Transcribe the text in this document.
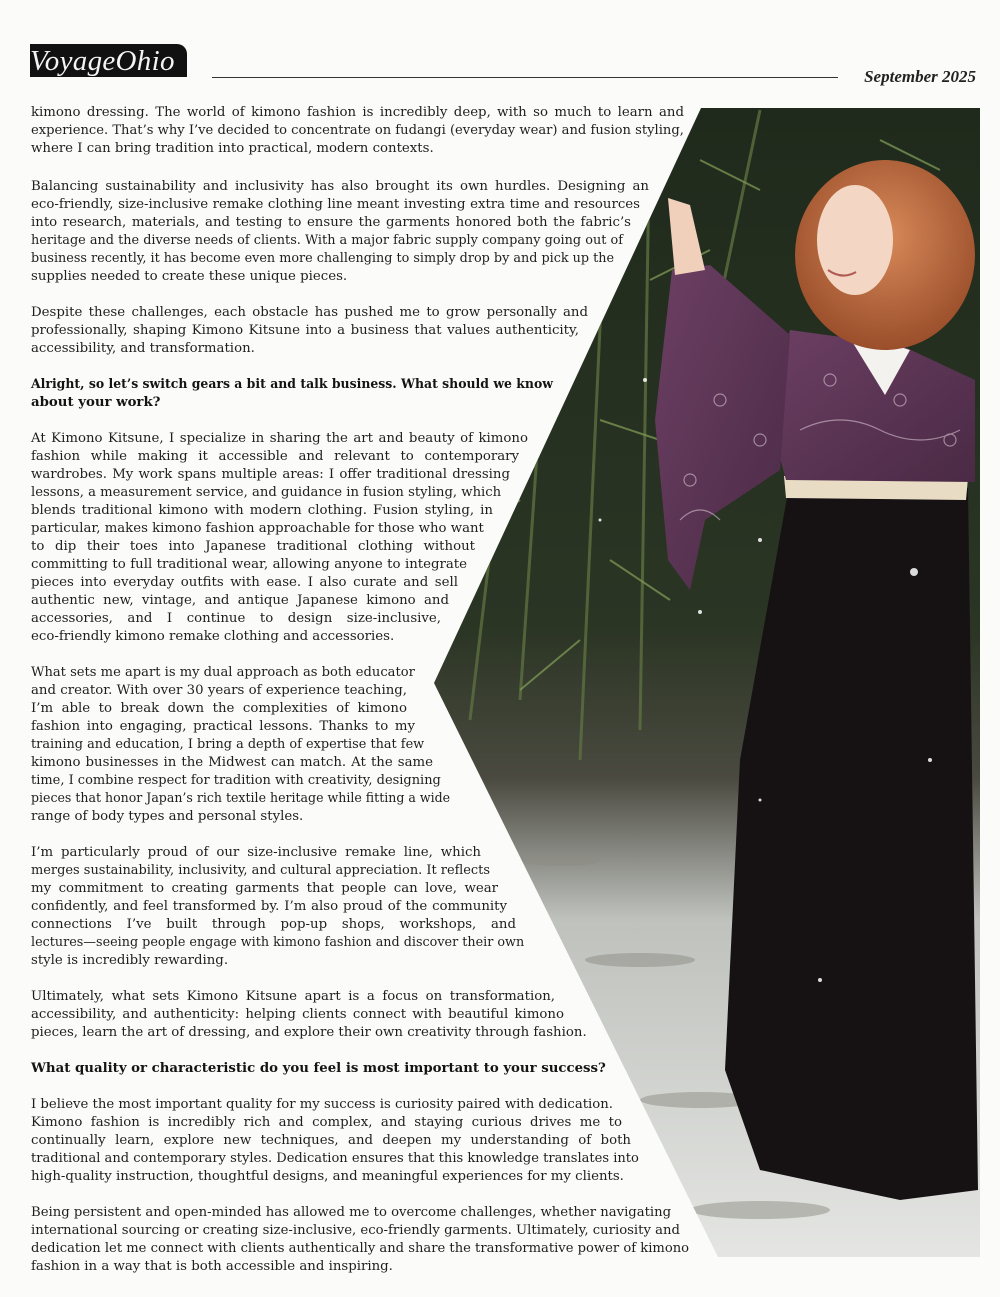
VoyageOhio	September 2025
kimono dressing. The world of kimono fashion is incredibly deep, with so much to learn and
experience. That’s why I’ve decided to concentrate on fudangi (everyday wear) and fusion styling,
where I can bring tradition into practical, modern contexts.
Balancing sustainability and inclusivity has also brought its own hurdles. Designing an
eco-friendly, size-inclusive remake clothing line meant investing extra time and resources
into research, materials, and testing to ensure the garments honored both the fabric’s
heritage and the diverse needs of clients. With a major fabric supply company going out of
business recently, it has become even more challenging to simply drop by and pick up the
supplies needed to create these unique pieces.
Despite these challenges, each obstacle has pushed me to grow personally and
professionally, shaping Kimono Kitsune into a business that values authenticity,
accessibility, and transformation.
Alright, so let’s switch gears a bit and talk business. What should we know
about your work?
At Kimono Kitsune, I specialize in sharing the art and beauty of kimono
fashion while making it accessible and relevant to contemporary
wardrobes. My work spans multiple areas: I offer traditional dressing
lessons, a measurement service, and guidance in fusion styling, which
blends traditional kimono with modern clothing. Fusion styling, in
particular, makes kimono fashion approachable for those who want
to dip their toes into Japanese traditional clothing without
committing to full traditional wear, allowing anyone to integrate
pieces into everyday outfits with ease. I also curate and sell
authentic new, vintage, and antique Japanese kimono and
accessories, and I continue to design size-inclusive,
eco-friendly kimono remake clothing and accessories.
What sets me apart is my dual approach as both educator
and creator. With over 30 years of experience teaching,
I’m able to break down the complexities of kimono
fashion into engaging, practical lessons. Thanks to my
training and education, I bring a depth of expertise that few
kimono businesses in the Midwest can match. At the same
time, I combine respect for tradition with creativity, designing
pieces that honor Japan’s rich textile heritage while fitting a wide
range of body types and personal styles.
I’m particularly proud of our size-inclusive remake line, which
merges sustainability, inclusivity, and cultural appreciation. It reflects
my commitment to creating garments that people can love, wear
confidently, and feel transformed by. I’m also proud of the community
connections I’ve built through pop-up shops, workshops, and
lectures—seeing people engage with kimono fashion and discover their own
style is incredibly rewarding.
Ultimately, what sets Kimono Kitsune apart is a focus on transformation,
accessibility, and authenticity: helping clients connect with beautiful kimono
pieces, learn the art of dressing, and explore their own creativity through fashion.
What quality or characteristic do you feel is most important to your success?
I believe the most important quality for my success is curiosity paired with dedication.
Kimono fashion is incredibly rich and complex, and staying curious drives me to
continually learn, explore new techniques, and deepen my understanding of both
traditional and contemporary styles. Dedication ensures that this knowledge translates into
high-quality instruction, thoughtful designs, and meaningful experiences for my clients.
Being persistent and open-minded has allowed me to overcome challenges, whether navigating
international sourcing or creating size-inclusive, eco-friendly garments. Ultimately, curiosity and
dedication let me connect with clients authentically and share the transformative power of kimono
fashion in a way that is both accessible and inspiring.
